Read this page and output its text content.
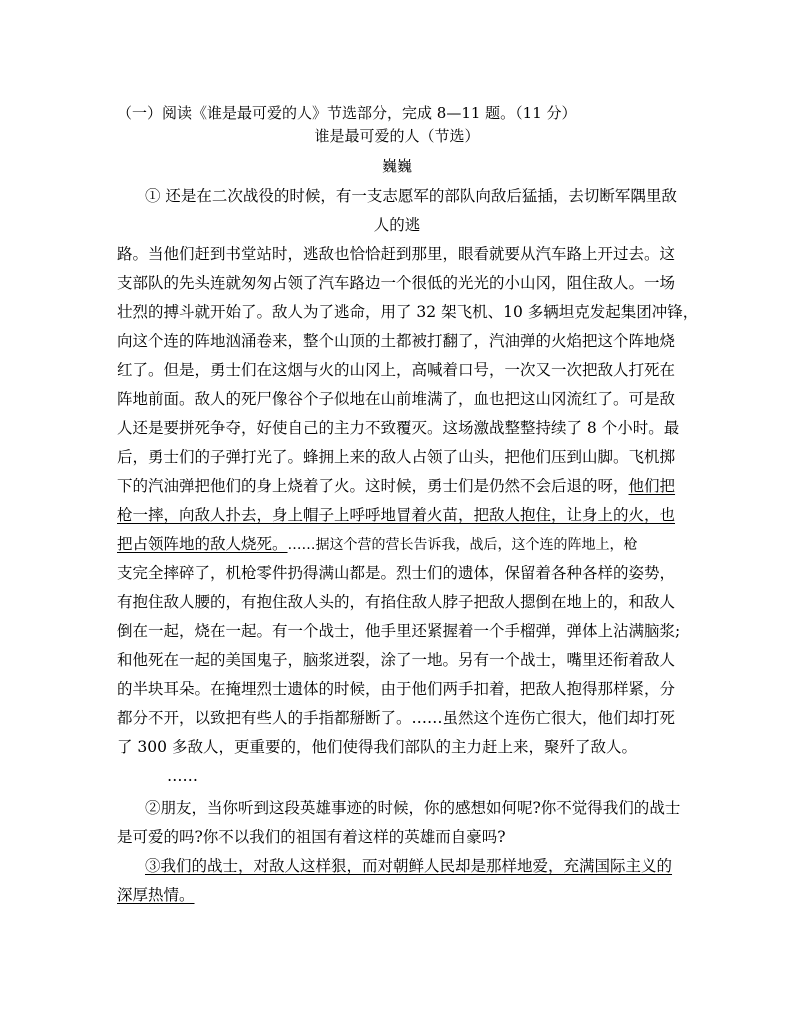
（一）阅读《谁是最可爱的人》节选部分，完成 8—11 题。（11 分）
谁是最可爱的人（节选）
巍巍
① 还是在二次战役的时候，有一支志愿军的部队向敌后猛插，去切断军隅里敌
人的逃
路。当他们赶到书堂站时，逃敌也恰恰赶到那里，眼看就要从汽车路上开过去。这
支部队的先头连就匆匆占领了汽车路边一个很低的光光的小山冈，阻住敌人。一场
壮烈的搏斗就开始了。敌人为了逃命，用了 32 架飞机、10 多辆坦克发起集团冲锋，
向这个连的阵地汹涌卷来，整个山顶的土都被打翻了，汽油弹的火焰把这个阵地烧
红了。但是，勇士们在这烟与火的山冈上，高喊着口号，一次又一次把敌人打死在
阵地前面。敌人的死尸像谷个子似地在山前堆满了，血也把这山冈流红了。可是敌
人还是要拼死争夺，好使自己的主力不致覆灭。这场激战整整持续了 8 个小时。最
后，勇士们的子弹打光了。蜂拥上来的敌人占领了山头，把他们压到山脚。飞机掷
下的汽油弹把他们的身上烧着了火。这时候，勇士们是仍然不会后退的呀，他们把
枪一摔，向敌人扑去，身上帽子上呼呼地冒着火苗，把敌人抱住，让身上的火，也
把占领阵地的敌人烧死。……据这个营的营长告诉我，战后，这个连的阵地上，枪
支完全摔碎了，机枪零件扔得满山都是。烈士们的遗体，保留着各种各样的姿势，
有抱住敌人腰的，有抱住敌人头的，有掐住敌人脖子把敌人摁倒在地上的，和敌人
倒在一起，烧在一起。有一个战士，他手里还紧握着一个手榴弹，弹体上沾满脑浆;
和他死在一起的美国鬼子，脑浆迸裂，涂了一地。另有一个战士，嘴里还衔着敌人
的半块耳朵。在掩埋烈士遗体的时候，由于他们两手扣着，把敌人抱得那样紧，分
都分不开，以致把有些人的手指都掰断了。……虽然这个连伤亡很大，他们却打死
了 300 多敌人，更重要的，他们使得我们部队的主力赶上来，聚歼了敌人。
……
②朋友，当你听到这段英雄事迹的时候，你的感想如何呢?你不觉得我们的战士
是可爱的吗?你不以我们的祖国有着这样的英雄而自豪吗?
③我们的战士，对敌人这样狠，而对朝鲜人民却是那样地爱，充满国际主义的
深厚热情。
